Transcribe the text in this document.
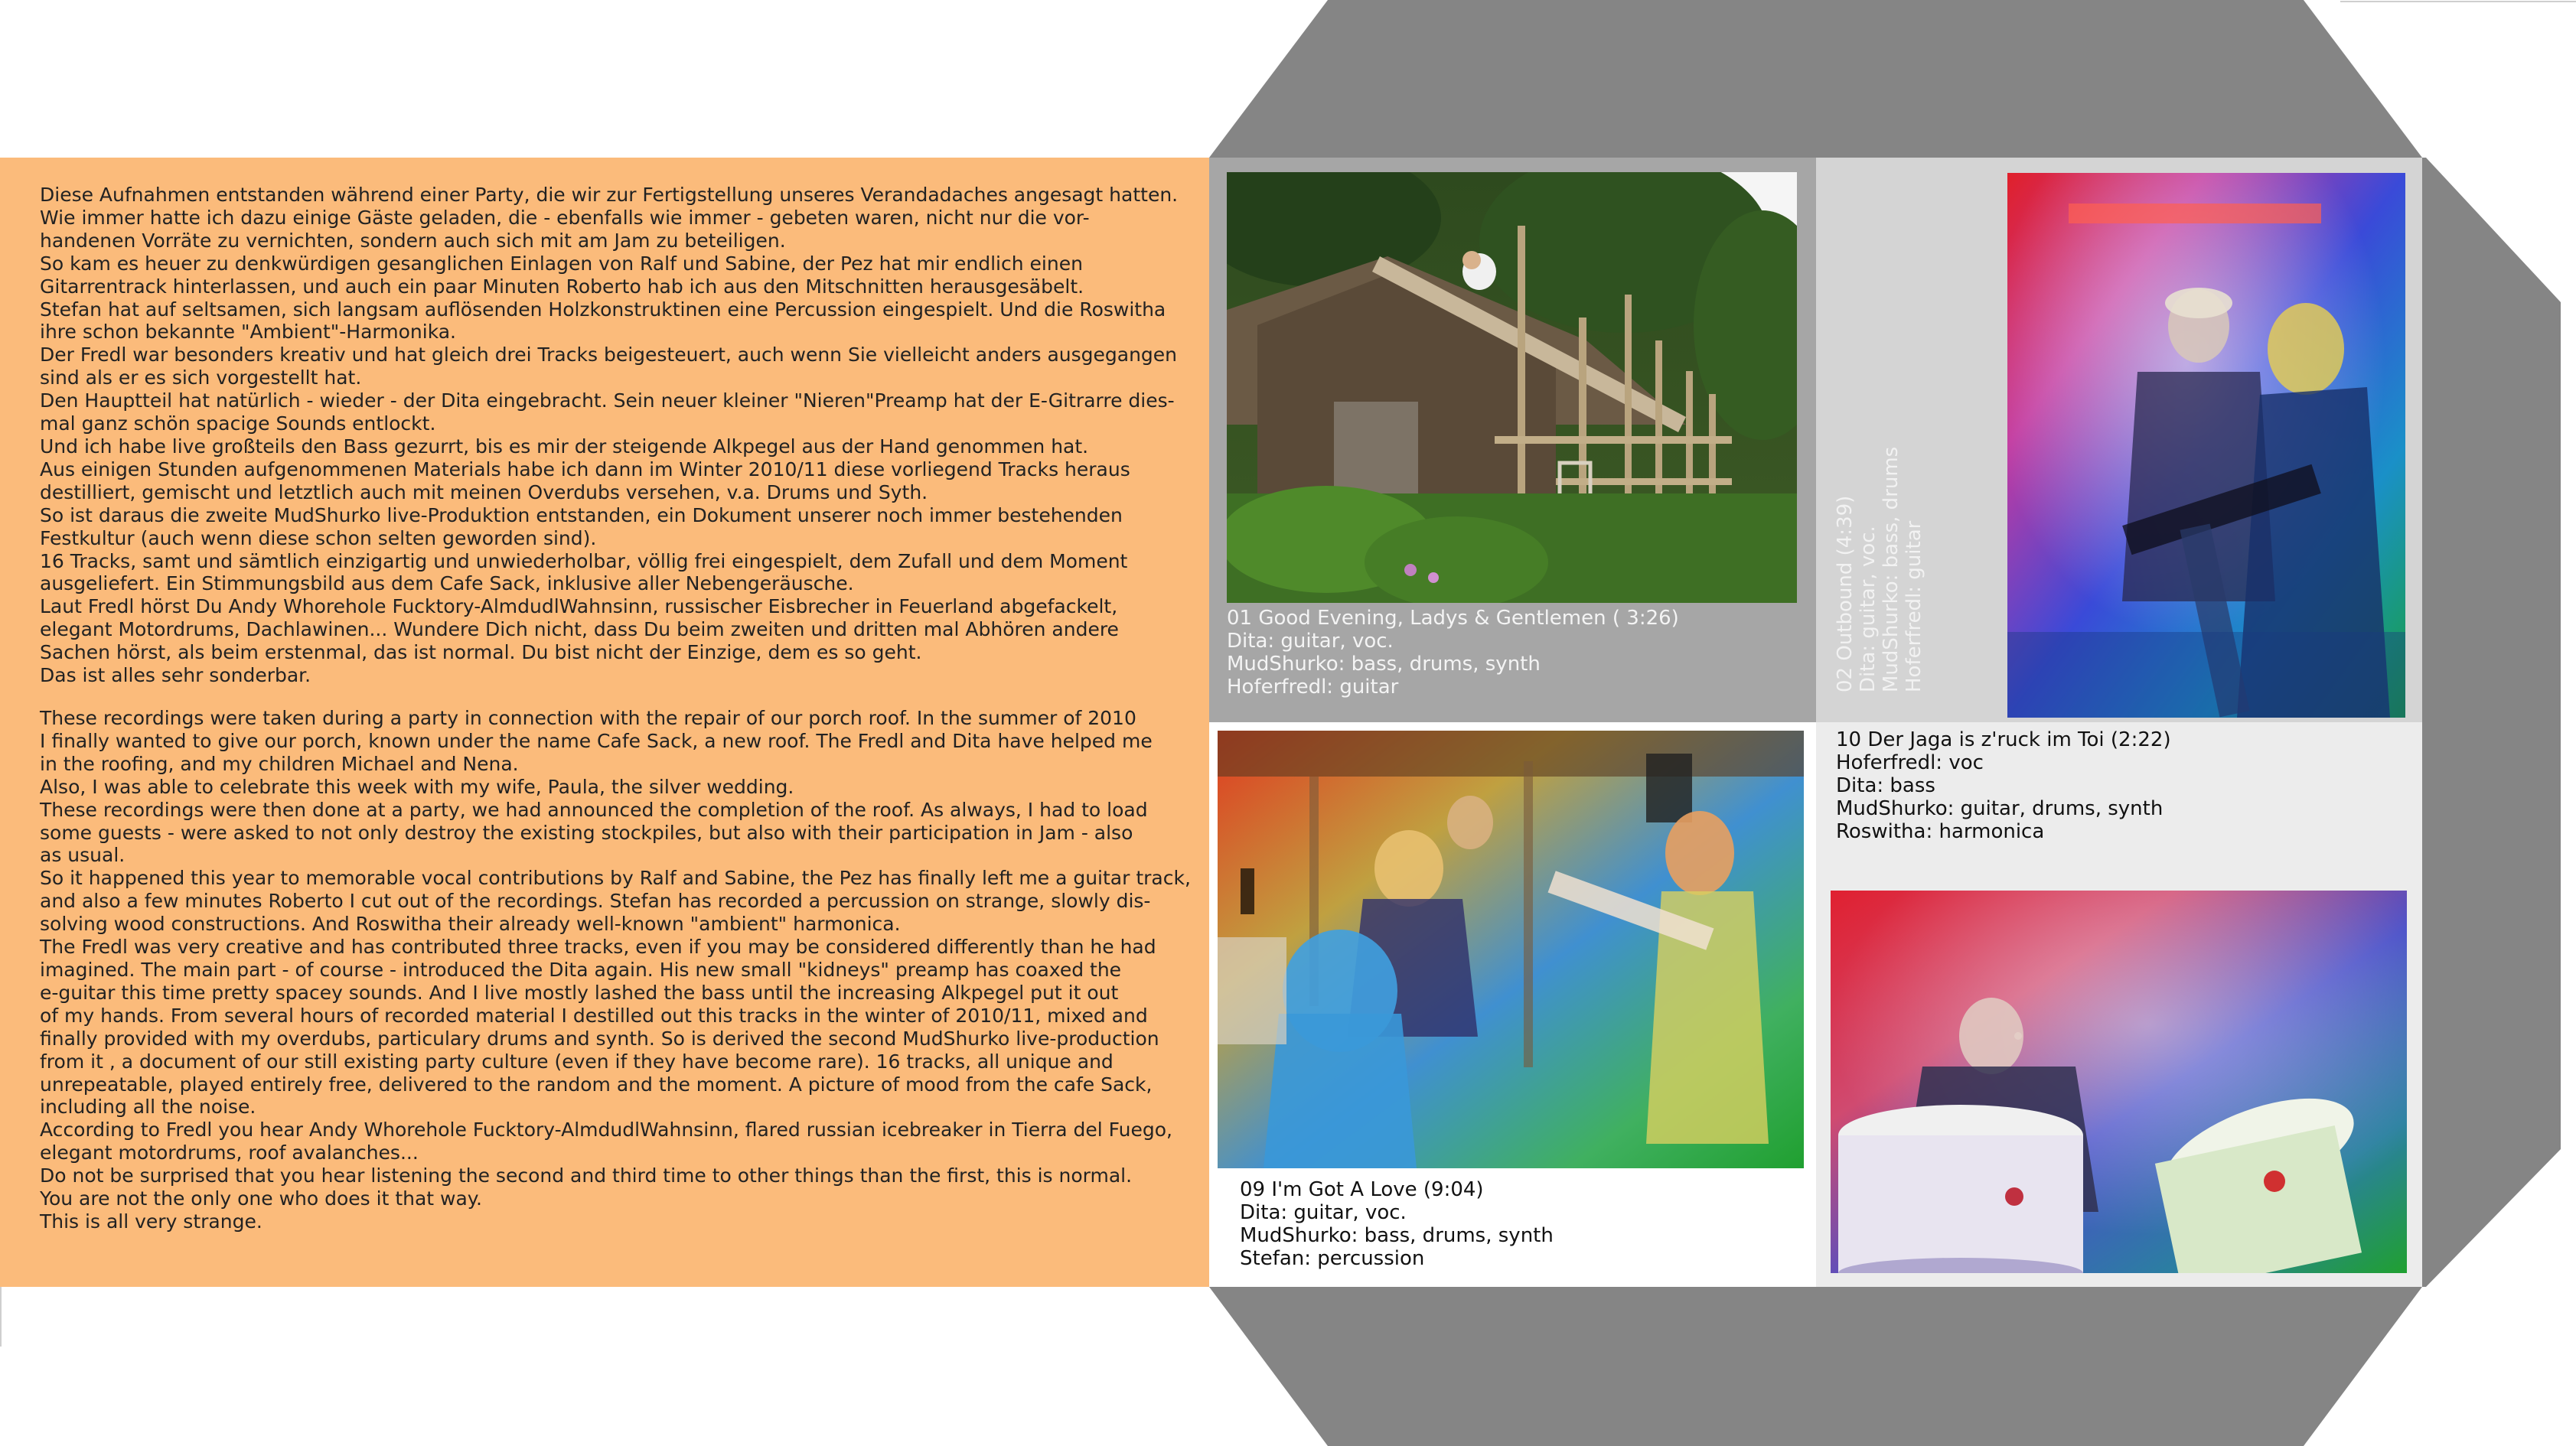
Diese Aufnahmen entstanden während einer Party, die wir zur Fertigstellung unseres Verandadaches angesagt hatten.
Wie immer hatte ich dazu einige Gäste geladen, die - ebenfalls wie immer - gebeten waren, nicht nur die vor-
handenen Vorräte zu vernichten, sondern auch sich mit am Jam zu beteiligen.
So kam es heuer zu denkwürdigen gesanglichen Einlagen von Ralf und Sabine, der Pez hat mir endlich einen
Gitarrentrack hinterlassen, und auch ein paar Minuten Roberto hab ich aus den Mitschnitten herausgesäbelt.
Stefan hat auf seltsamen, sich langsam auflösenden Holzkonstruktinen eine Percussion eingespielt. Und die Roswitha
ihre schon bekannte "Ambient"-Harmonika.
Der Fredl war besonders kreativ und hat gleich drei Tracks beigesteuert, auch wenn Sie vielleicht anders ausgegangen
sind als er es sich vorgestellt hat.
Den Hauptteil hat natürlich - wieder - der Dita eingebracht. Sein neuer kleiner "Nieren"Preamp hat der E-Gitrarre dies-
mal ganz schön spacige Sounds entlockt.
Und ich habe live großteils den Bass gezurrt, bis es mir der steigende Alkpegel aus der Hand genommen hat.
Aus einigen Stunden aufgenommenen Materials habe ich dann im Winter 2010/11 diese vorliegend Tracks heraus
destilliert, gemischt und letztlich auch mit meinen Overdubs versehen, v.a. Drums und Syth.
So ist daraus die zweite MudShurko live-Produktion entstanden, ein Dokument unserer noch immer bestehenden
Festkultur (auch wenn diese schon selten geworden sind).
16 Tracks, samt und sämtlich einzigartig und unwiederholbar, völlig frei eingespielt, dem Zufall und dem Moment
ausgeliefert. Ein Stimmungsbild aus dem Cafe Sack, inklusive aller Nebengeräusche.
Laut Fredl hörst Du Andy Whorehole Fucktory-AlmdudlWahnsinn, russischer Eisbrecher in Feuerland abgefackelt,
elegant Motordrums, Dachlawinen... Wundere Dich nicht, dass Du beim zweiten und dritten mal Abhören andere
Sachen hörst, als beim erstenmal, das ist normal. Du bist nicht der Einzige, dem es so geht.
Das ist alles sehr sonderbar.
These recordings were taken during a party in connection with the repair of our porch roof. In the summer of 2010
I finally wanted to give our porch, known under the name Cafe Sack, a new roof. The Fredl and Dita have helped me
in the roofing, and my children Michael and Nena.
Also, I was able to celebrate this week with my wife, Paula, the silver wedding.
These recordings were then done at a party, we had announced the completion of the roof. As always, I had to load
some guests - were asked to not only destroy the existing stockpiles, but also with their participation in Jam - also
as usual.
So it happened this year to memorable vocal contributions by Ralf and Sabine, the Pez has finally left me a guitar track,
and also a few minutes Roberto I cut out of the recordings. Stefan has recorded a percussion on strange, slowly dis-
solving wood constructions. And Roswitha their already well-known "ambient" harmonica.
The Fredl was very creative and has contributed three tracks, even if you may be considered differently than he had
imagined. The main part - of course - introduced the Dita again. His new small "kidneys" preamp has coaxed the
e-guitar this time pretty spacey sounds. And I live mostly lashed the bass until the increasing Alkpegel put it out
of my hands. From several hours of recorded material I destilled out this tracks in the winter of 2010/11, mixed and
finally provided with my overdubs, particulary drums and synth. So is derived the second MudShurko live-production
from it , a document of our still existing party culture (even if they have become rare). 16 tracks, all unique and
unrepeatable, played entirely free, delivered to the random and the moment. A picture of mood from the cafe Sack,
including all the noise.
According to Fredl you hear Andy Whorehole Fucktory-AlmdudlWahnsinn, flared russian icebreaker in Tierra del Fuego,
elegant motordrums, roof avalanches...
Do not be surprised that you hear listening the second and third time to other things than the first, this is normal.
You are not the only one who does it that way.
This is all very strange.
01 Good Evening, Ladys & Gentlemen ( 3:26)
Dita: guitar, voc.
MudShurko: bass, drums, synth
Hoferfredl: guitar	02 Outbound (4:39) Dita: guitar, voc. MudShurko: bass, drums Hoferfredl: guitar
09 I'm Got A Love (9:04)
Dita: guitar, voc.
MudShurko: bass, drums, synth
Stefan: percussion
10 Der Jaga is z'ruck im Toi (2:22)
Hoferfredl: voc
Dita: bass
MudShurko: guitar, drums, synth
Roswitha: harmonica
